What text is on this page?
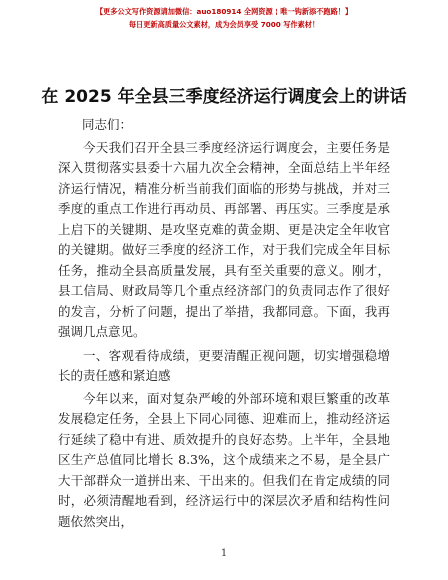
【更多公文写作资源请加微信：auo180914 全网资源 ¦ 唯一钩新添不跑路！】
每日更新高质量公文素材，成为会员享受 7000 写作素材！
在 2025 年全县三季度经济运行调度会上的讲话

同志们：

今天我们召开全县三季度经济运行调度会，主要任务是深入贯彻落实县委十六届九次全会精神，全面总结上半年经济运行情况，精准分析当前我们面临的形势与挑战，并对三季度的重点工作进行再动员、再部署、再压实。三季度是承上启下的关键期、是攻坚克难的黄金期、更是决定全年收官的关键期。做好三季度的经济工作，对于我们完成全年目标任务，推动全县高质量发展，具有至关重要的意义。刚才，县工信局、财政局等几个重点经济部门的负责同志作了很好的发言，分析了问题，提出了举措，我都同意。下面，我再强调几点意见。

一、客观看待成绩，更要清醒正视问题，切实增强稳增长的责任感和紧迫感

今年以来，面对复杂严峻的外部环境和艰巨繁重的改革发展稳定任务，全县上下同心同德、迎难而上，推动经济运行延续了稳中有进、质效提升的良好态势。上半年，全县地区生产总值同比增长 8.3%，这个成绩来之不易，是全县广大干部群众一道拼出来、干出来的。但我们在肯定成绩的同时，必须清醒地看到，经济运行中的深层次矛盾和结构性问题依然突出，

1
